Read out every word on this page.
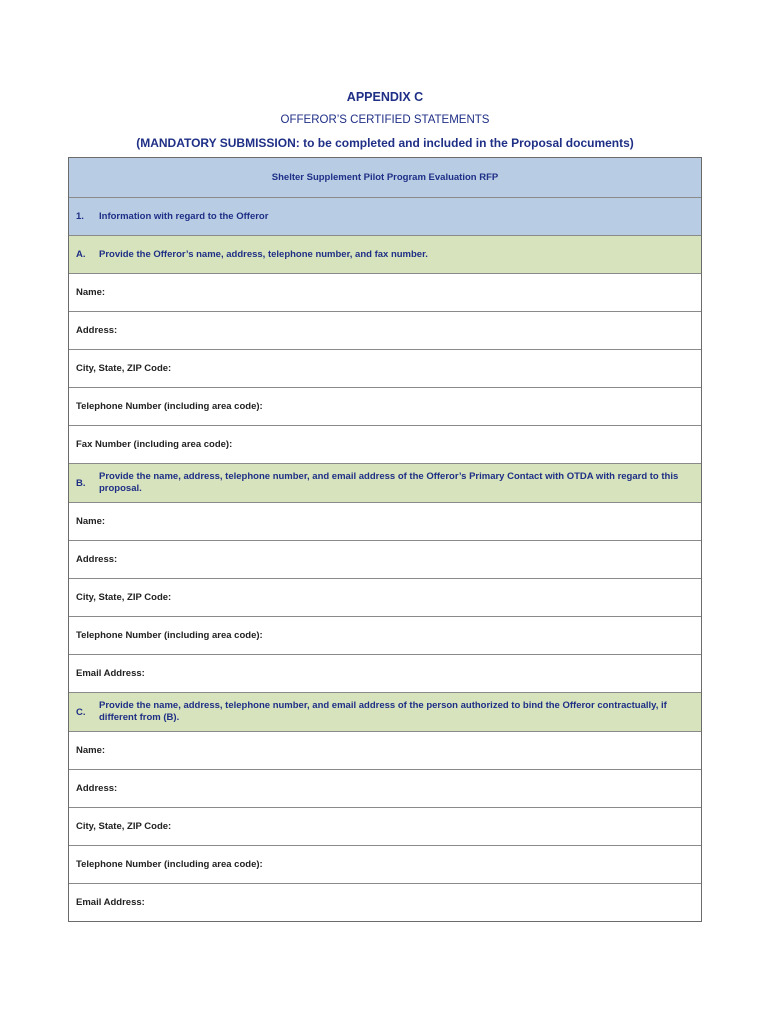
APPENDIX C
OFFEROR’S CERTIFIED STATEMENTS
(MANDATORY SUBMISSION: to be completed and included in the Proposal documents)
Shelter Supplement Pilot Program Evaluation RFP
1.	Information with regard to the Offeror
A.	Provide the Offeror’s name, address, telephone number, and fax number.
Name:
Address:
City, State, ZIP Code:
Telephone Number (including area code):
Fax Number (including area code):
B.
Provide the name, address, telephone number, and email address of the Offeror’s Primary Contact with OTDA with regard to this proposal.
Name:
Address:
City, State, ZIP Code:
Telephone Number (including area code):
Email Address:
C.
Provide the name, address, telephone number, and email address of the person authorized to bind the Offeror contractually, if different from (B).
Name:
Address:
City, State, ZIP Code:
Telephone Number (including area code):
Email Address:
